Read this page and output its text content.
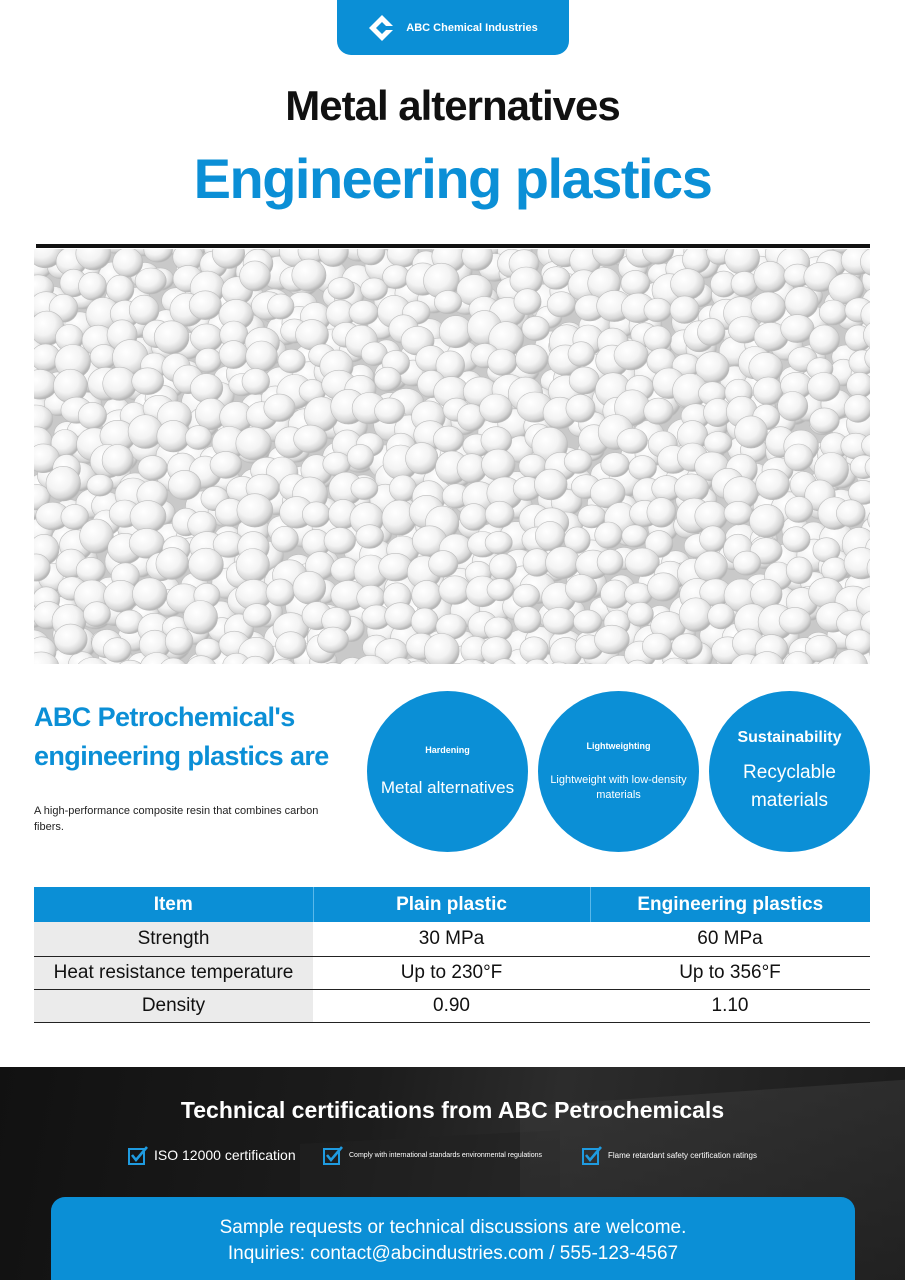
ABC Chemical Industries
Metal alternatives
Engineering plastics
ABC Petrochemical's engineering plastics are
A high-performance composite resin that combines carbon fibers.
Hardening
Metal alternatives
Lightweighting
Lightweight with low-density materials
Sustainability
Recyclable materials
Item	Plain plastic	Engineering plastics
Strength	30 MPa	60 MPa
Heat resistance temperature	Up to 230°F	Up to 356°F
Density	0.90	1.10
Technical certifications from ABC Petrochemicals
ISO 12000 certification	Comply with international standards environmental regulations	Flame retardant safety certification ratings
Sample requests or technical discussions are welcome.
Inquiries: contact@abcindustries.com / 555-123-4567
